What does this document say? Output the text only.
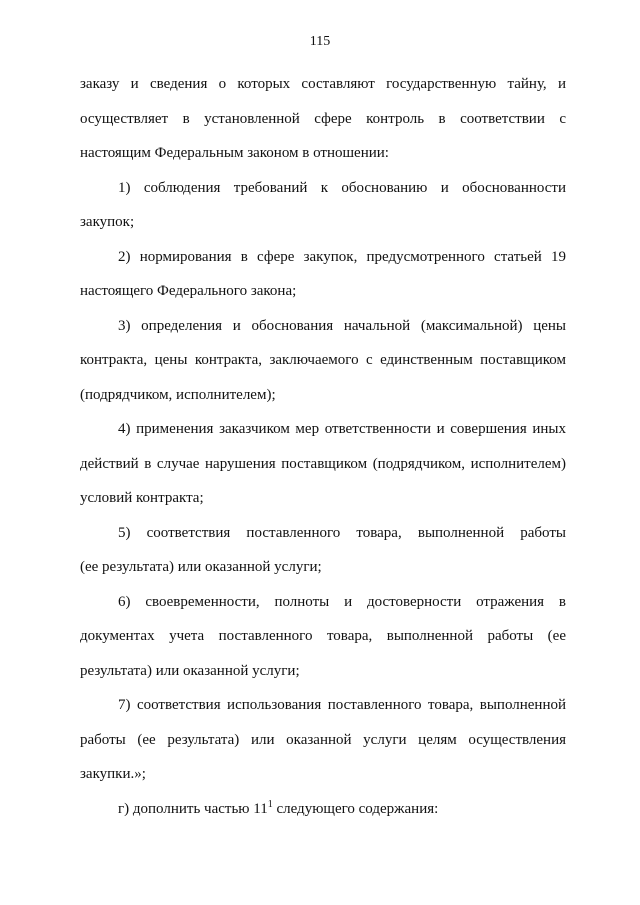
115
заказу и сведения о которых составляют государственную тайну, и
осуществляет в установленной сфере контроль в соответствии с
настоящим Федеральным законом в отношении:
1) соблюдения требований к обоснованию и обоснованности
закупок;
2) нормирования в сфере закупок, предусмотренного статьей 19
настоящего Федерального закона;
3) определения и обоснования начальной (максимальной) цены
контракта, цены контракта, заключаемого с единственным поставщиком
(подрядчиком, исполнителем);
4) применения заказчиком мер ответственности и совершения иных
действий в случае нарушения поставщиком (подрядчиком, исполнителем)
условий контракта;
5) соответствия поставленного товара, выполненной работы
(ее результата) или оказанной услуги;
6) своевременности, полноты и достоверности отражения в
документах учета поставленного товара, выполненной работы (ее
результата) или оказанной услуги;
7) соответствия использования поставленного товара, выполненной
работы (ее результата) или оказанной услуги целям осуществления
закупки.»;
г) дополнить частью $11^1$ следующего содержания:
